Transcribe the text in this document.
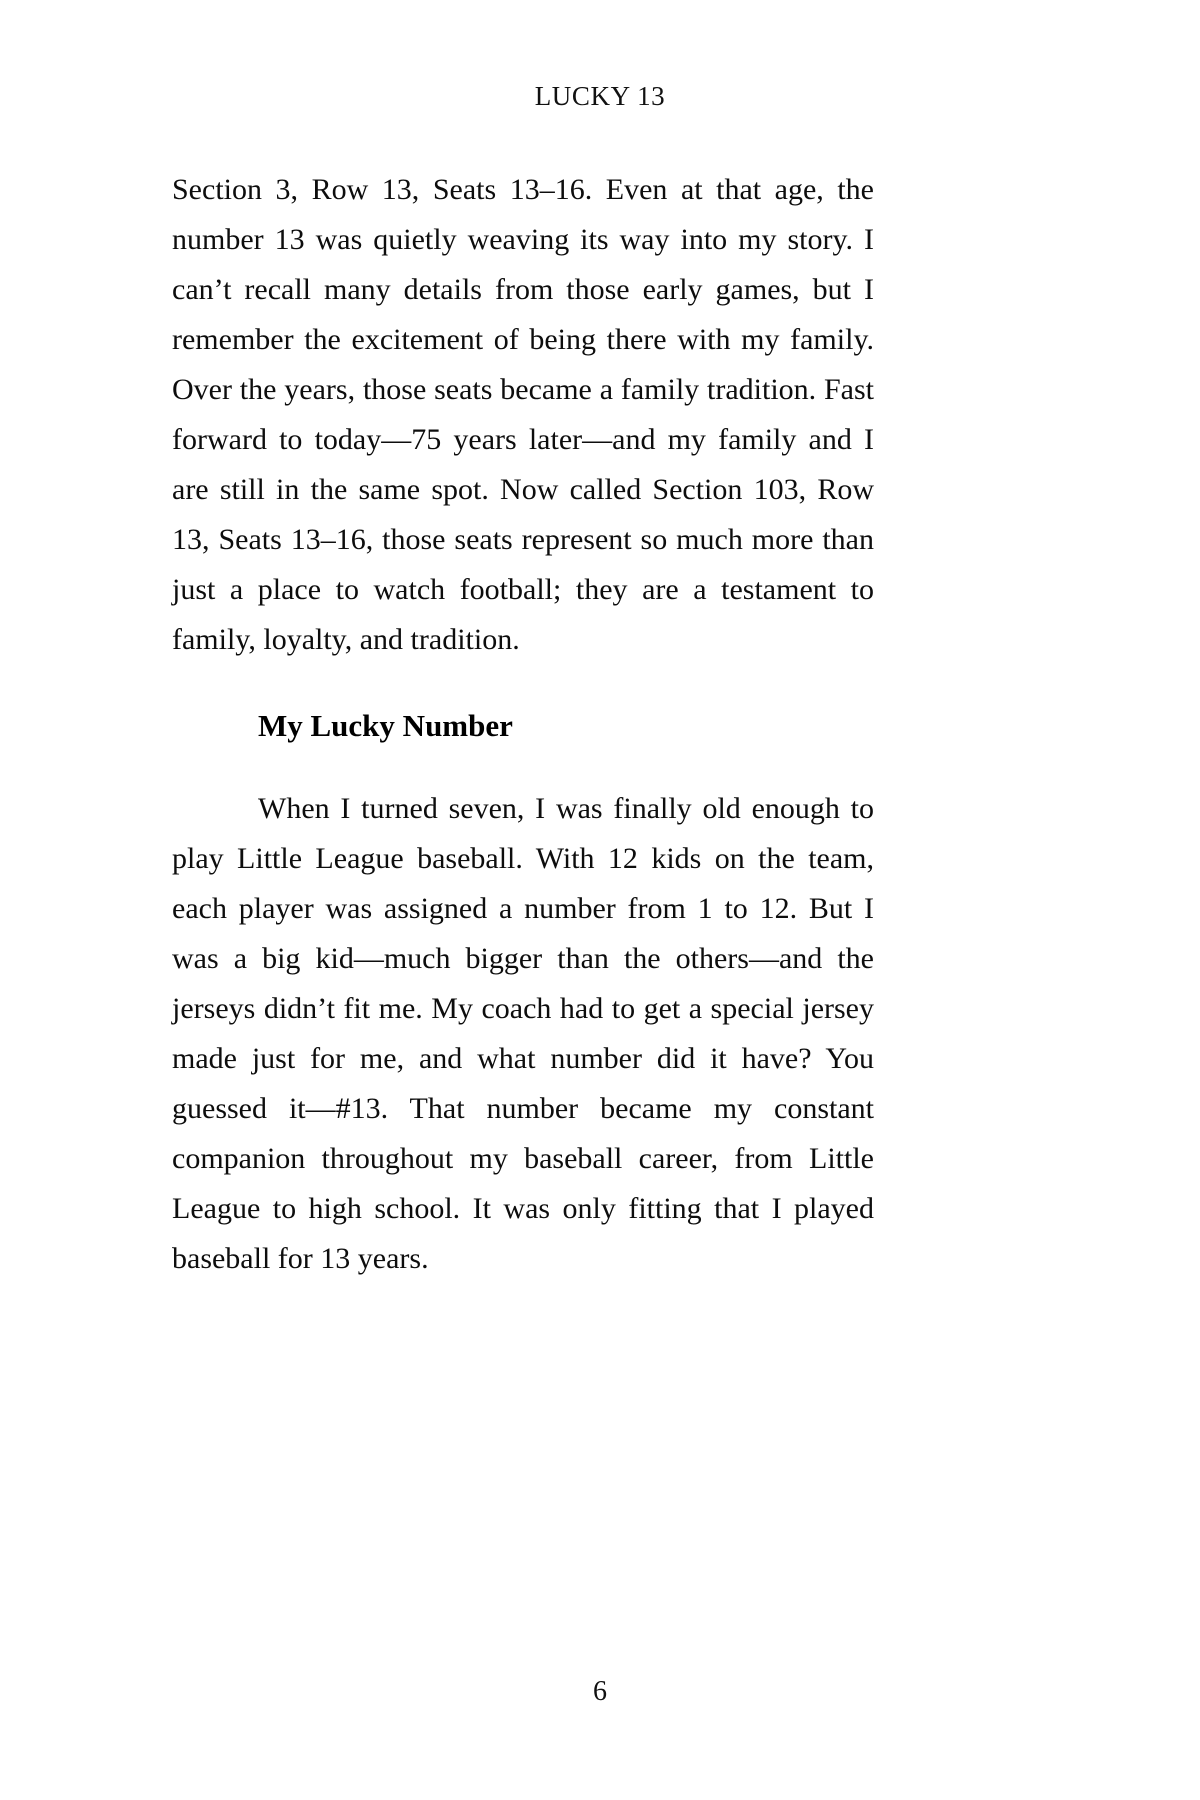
LUCKY 13

Section 3, Row 13, Seats 13–16. Even at that age, the number 13 was quietly weaving its way into my story. I can’t recall many details from those early games, but I remember the excitement of being there with my family. Over the years, those seats became a family tradition. Fast forward to today—75 years later—and my family and I are still in the same spot. Now called Section 103, Row 13, Seats 13–16, those seats represent so much more than just a place to watch football; they are a testament to family, loyalty, and tradition.

My Lucky Number

When I turned seven, I was finally old enough to play Little League baseball. With 12 kids on the team, each player was assigned a number from 1 to 12. But I was a big kid—much bigger than the others—and the jerseys didn’t fit me. My coach had to get a special jersey made just for me, and what number did it have? You guessed it—#13. That number became my constant companion throughout my baseball career, from Little League to high school. It was only fitting that I played baseball for 13 years.

6
